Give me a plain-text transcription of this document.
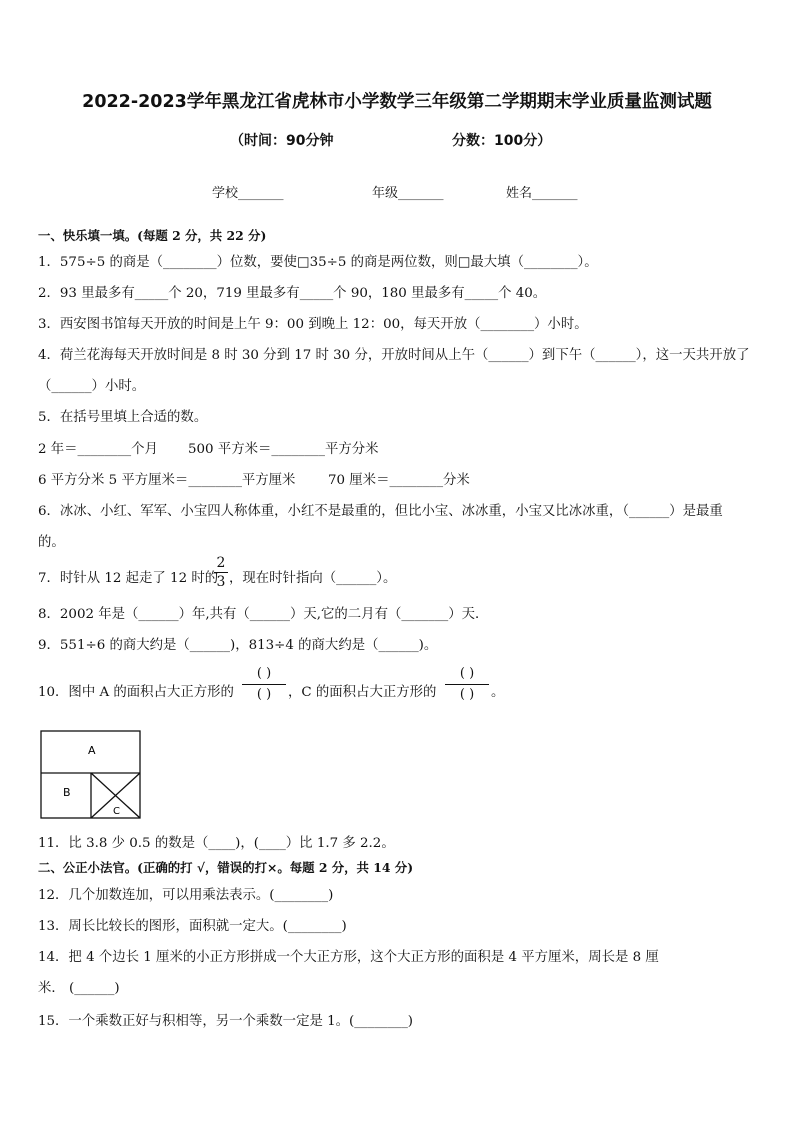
2022-2023学年黑龙江省虎林市小学数学三年级第二学期期末学业质量监测试题
（时间：90分钟	分数：100分）
学校_______	年级_______	姓名_______
一、快乐填一填。(每题 2 分，共 22 分)
1．575÷5 的商是（________）位数，要使□35÷5 的商是两位数，则□最大填（________）。
2．93 里最多有_____个 20，719 里最多有_____个 90，180 里最多有_____个 40。
3．西安图书馆每天开放的时间是上午 9：00 到晚上 12：00，每天开放（________）小时。
4．荷兰花海每天开放时间是 8 时 30 分到 17 时 30 分，开放时间从上午（______）到下午（______），这一天共开放了
（______）小时。
5．在括号里填上合适的数。
2 年＝________个月 500 平方米＝________平方分米
6 平方分米 5 平方厘米＝________平方厘米 70 厘米＝________分米
6．冰冰、小红、军军、小宝四人称体重，小红不是最重的，但比小宝、冰冰重，小宝又比冰冰重，（______）是最重
的。
7．时针从 12 起走了 12 时的
2
3 ，现在时针指向（______）。
8．2002 年是（______）年,共有（______）天,它的二月有（_______）天．
9．551÷6 的商大约是（______)，813÷4 的商大约是（______)。
10．图中 A 的面积占大正方形的
( )
( )	，C 的面积占大正方形的
( )
( )	。
A
B
C
11．比 3.8 少 0.5 的数是（____)，(____）比 1.7 多 2.2。
二、公正小法官。(正确的打 √，错误的打×。每题 2 分，共 14 分)
12．几个加数连加，可以用乘法表示。(________)
13．周长比较长的图形，面积就一定大。(________)
14．把 4 个边长 1 厘米的小正方形拼成一个大正方形，这个大正方形的面积是 4 平方厘米，周长是 8 厘
米． (______)
15．一个乘数正好与积相等，另一个乘数一定是 1。(________)
